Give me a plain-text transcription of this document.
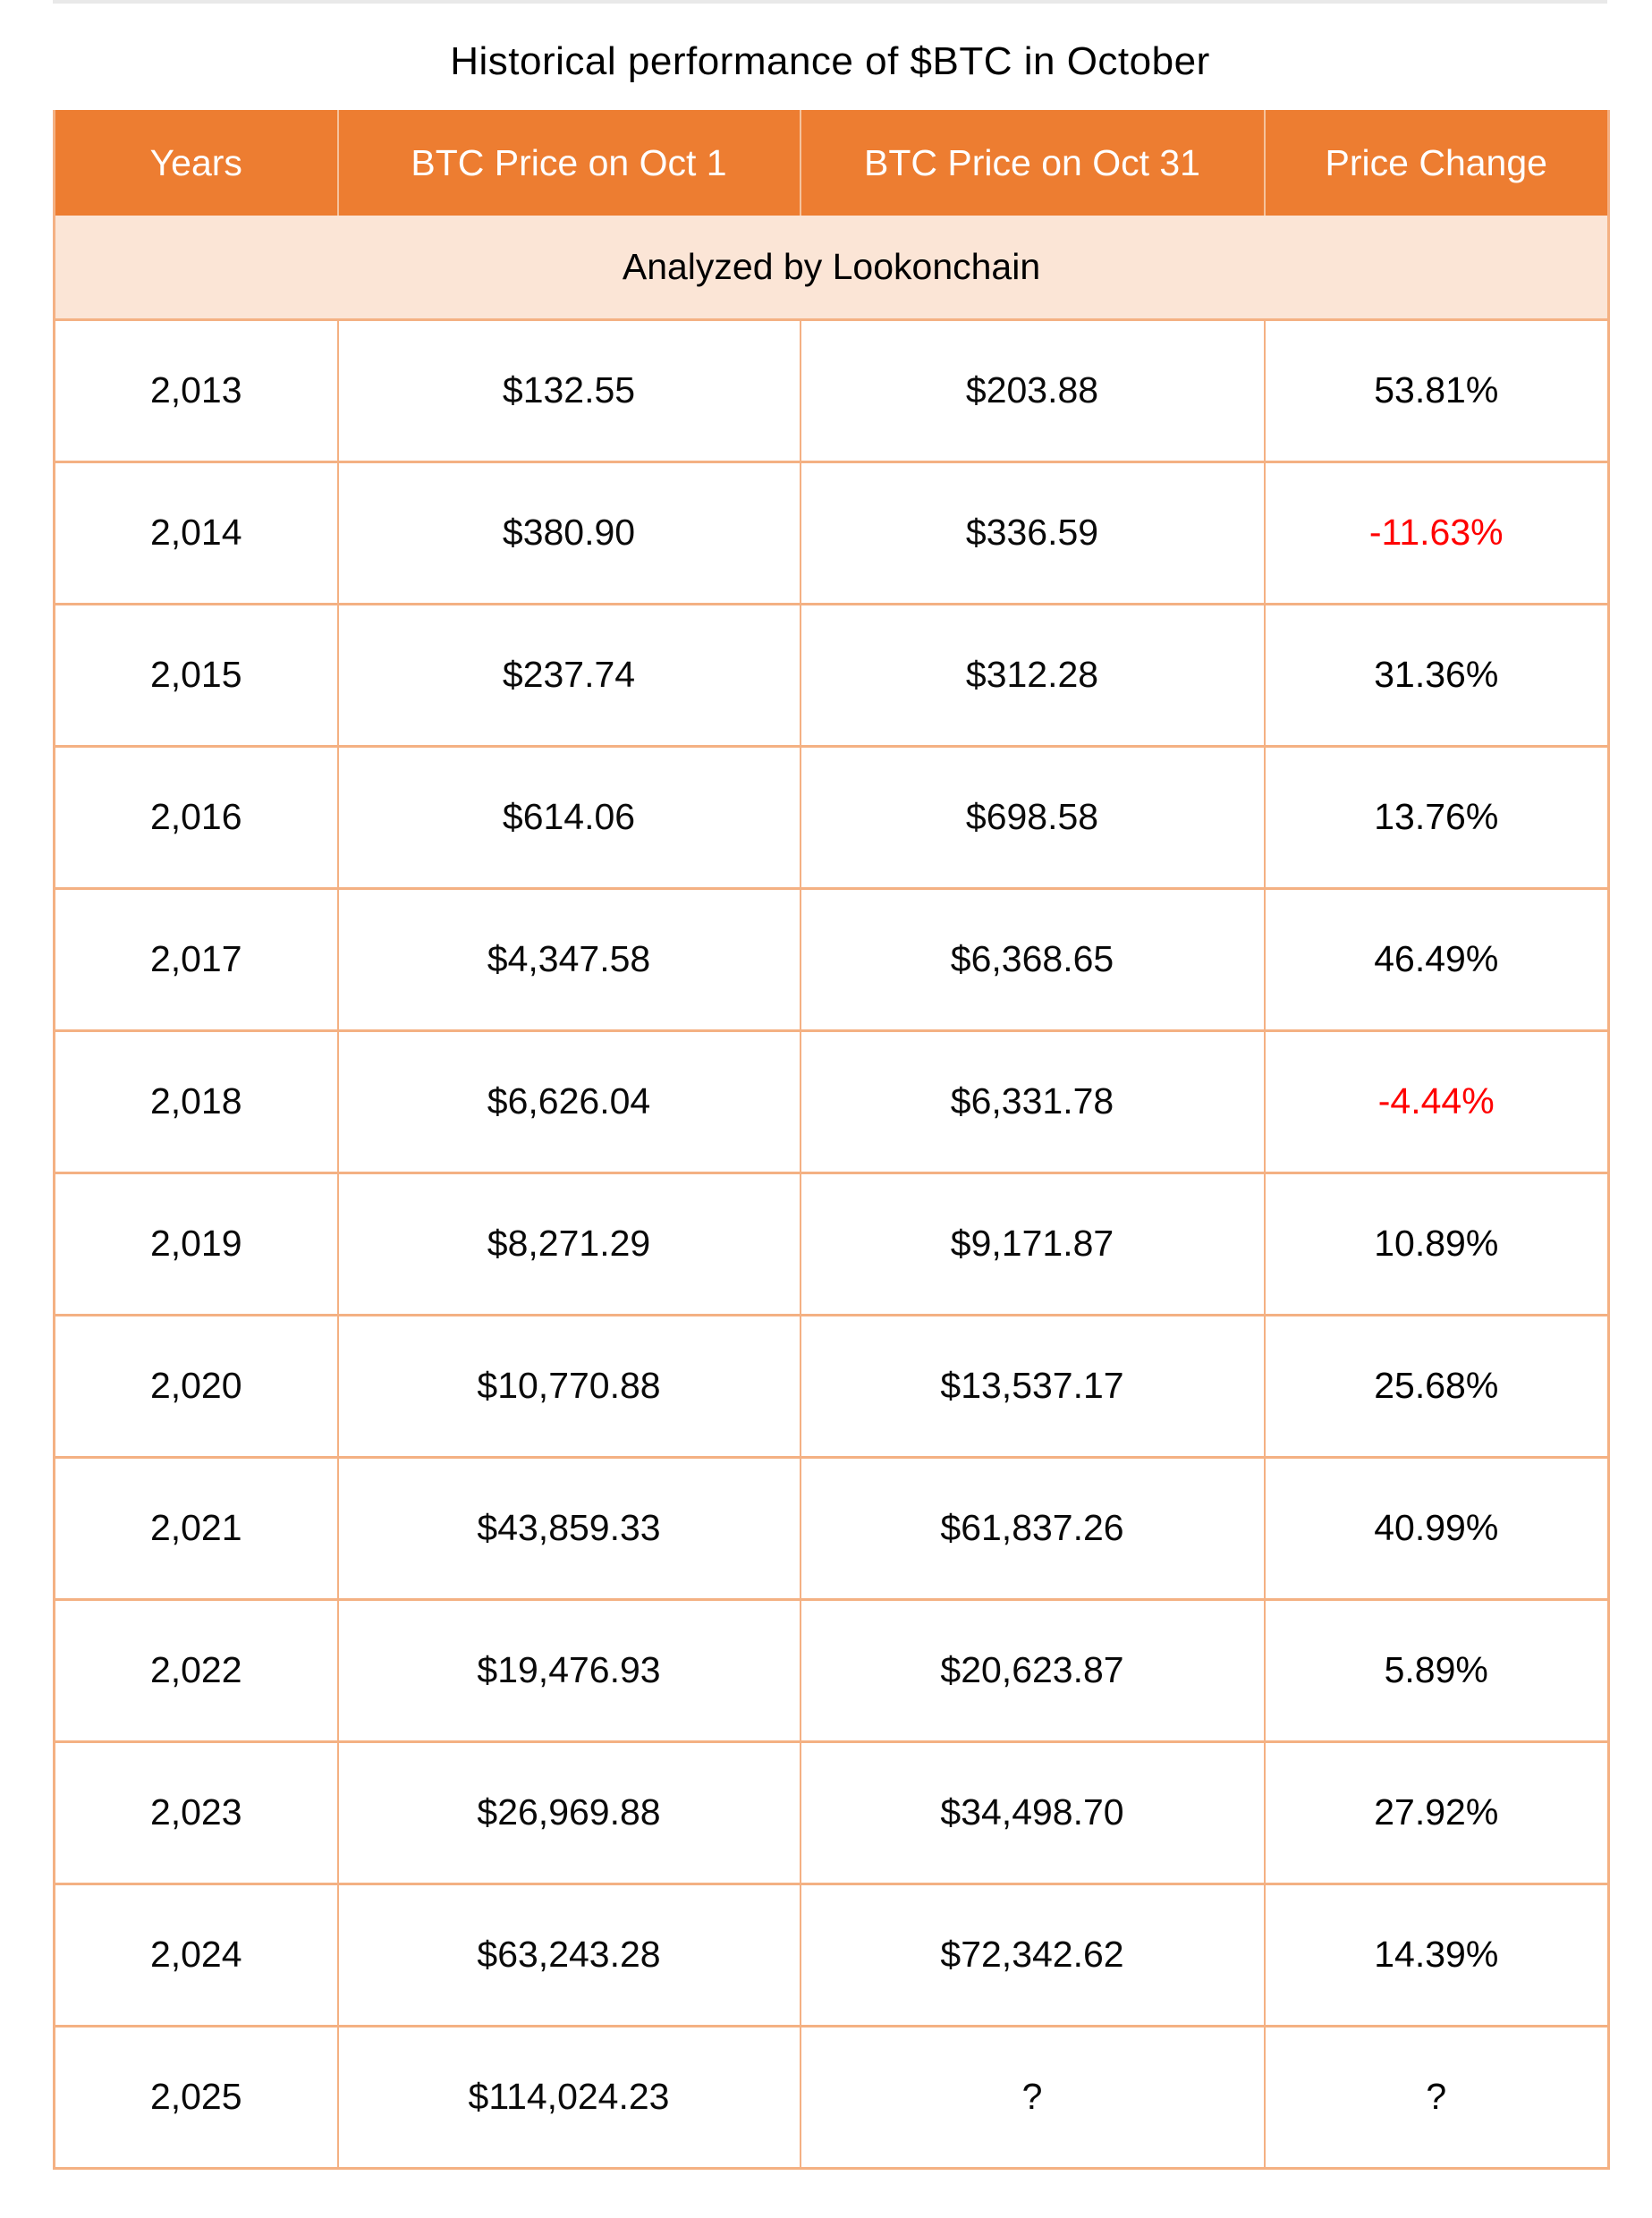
Historical performance of $BTC in October
Years	BTC Price on Oct 1	BTC Price on Oct 31	Price Change
Analyzed by Lookonchain			
2,013	$132.55	$203.88	53.81%
2,014	$380.90	$336.59	-11.63%
2,015	$237.74	$312.28	31.36%
2,016	$614.06	$698.58	13.76%
2,017	$4,347.58	$6,368.65	46.49%
2,018	$6,626.04	$6,331.78	-4.44%
2,019	$8,271.29	$9,171.87	10.89%
2,020	$10,770.88	$13,537.17	25.68%
2,021	$43,859.33	$61,837.26	40.99%
2,022	$19,476.93	$20,623.87	5.89%
2,023	$26,969.88	$34,498.70	27.92%
2,024	$63,243.28	$72,342.62	14.39%
2,025	$114,024.23	?	?
